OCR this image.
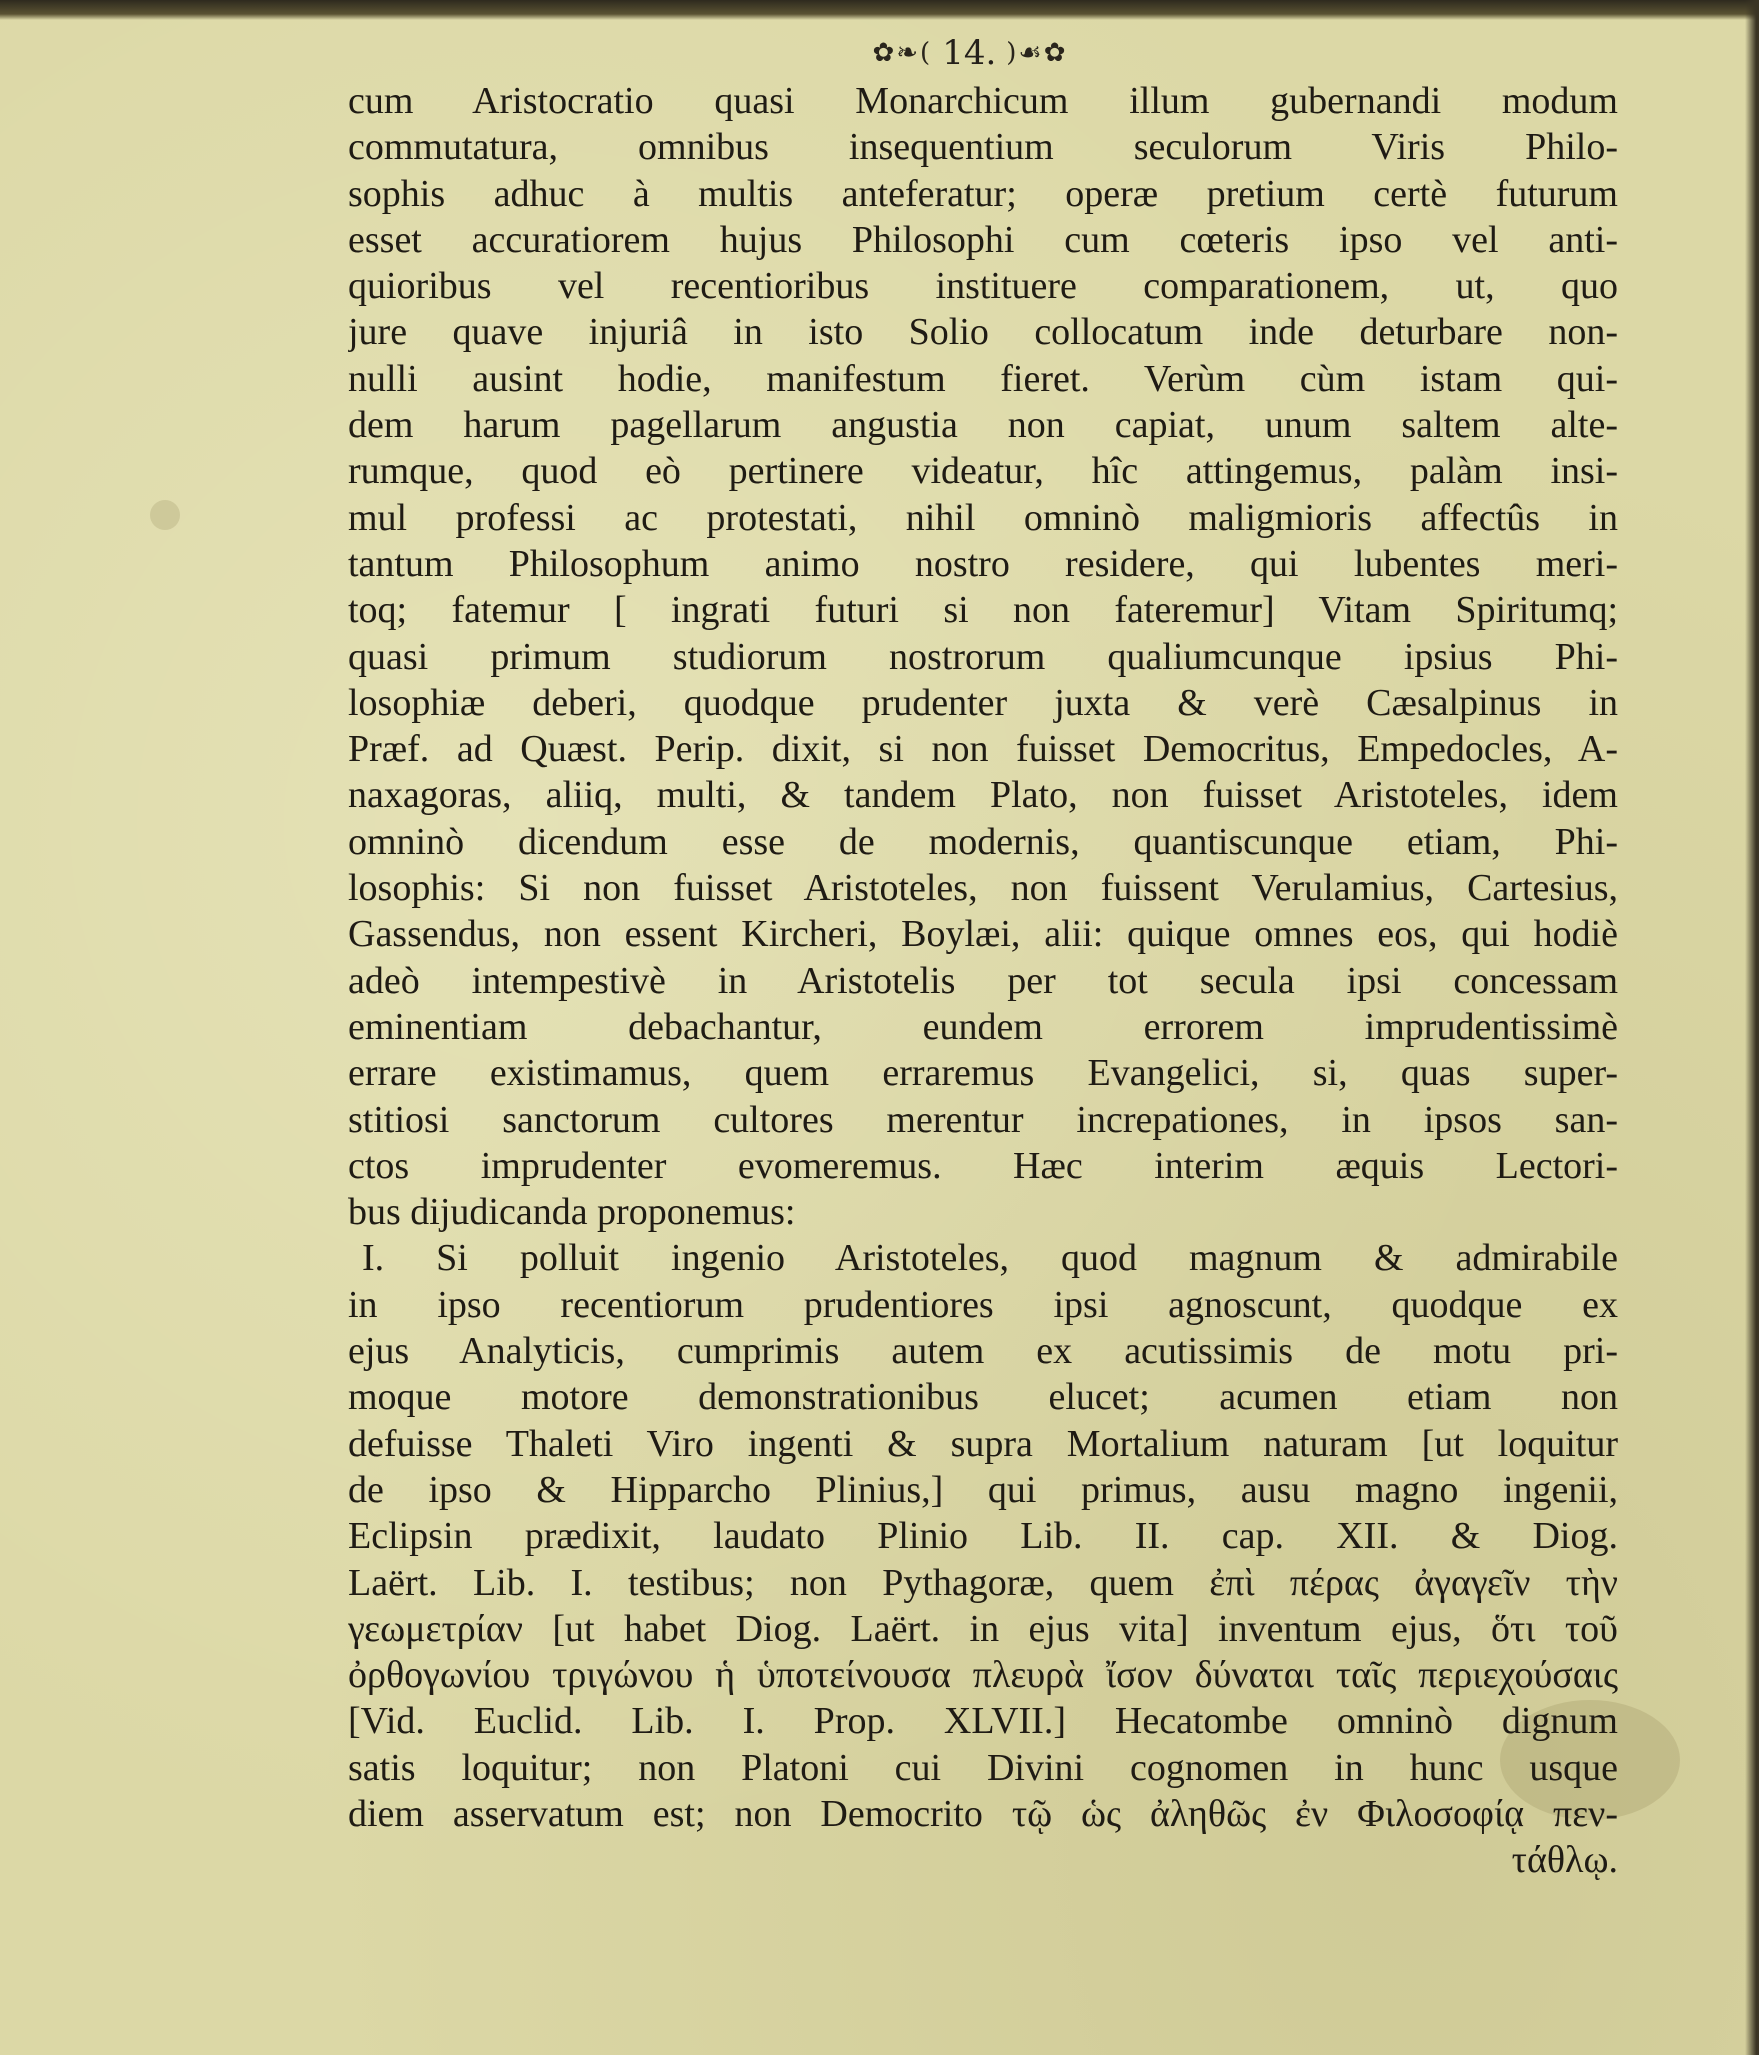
✿❧( 14. )☙✿
cum Aristocratio quasi Monarchicum illum gubernandi modum
commutatura, omnibus insequentium seculorum Viris Philo-
sophis adhuc à multis anteferatur; operæ pretium certè futurum
esset accuratiorem hujus Philosophi cum cœteris ipso vel anti-
quioribus vel recentioribus instituere comparationem, ut, quo
jure quave injuriâ in isto Solio collocatum inde deturbare non-
nulli ausint hodie, manifestum fieret. Verùm cùm istam qui-
dem harum pagellarum angustia non capiat, unum saltem alte-
rumque, quod eò pertinere videatur, hîc attingemus, palàm insi-
mul professi ac protestati, nihil omninò maligmioris affectûs in
tantum Philosophum animo nostro residere, qui lubentes meri-
toq; fatemur [ ingrati futuri si non fateremur] Vitam Spiritumq;
quasi primum studiorum nostrorum qualiumcunque ipsius Phi-
losophiæ deberi, quodque prudenter juxta & verè Cæsalpinus in
Præf. ad Quæst. Perip. dixit, si non fuisset Democritus, Empedocles, A-
naxagoras, aliiq, multi, & tandem Plato, non fuisset Aristoteles, idem
omninò dicendum esse de modernis, quantiscunque etiam, Phi-
losophis: Si non fuisset Aristoteles, non fuissent Verulamius, Cartesius,
Gassendus, non essent Kircheri, Boylæi, alii: quique omnes eos, qui hodiè
adeò intempestivè in Aristotelis per tot secula ipsi concessam
eminentiam debachantur, eundem errorem imprudentissimè
errare existimamus, quem erraremus Evangelici, si, quas super-
stitiosi sanctorum cultores merentur increpationes, in ipsos san-
ctos imprudenter evomeremus. Hæc interim æquis Lectori-
bus dijudicanda proponemus:
I. Si polluit ingenio Aristoteles, quod magnum & admirabile
in ipso recentiorum prudentiores ipsi agnoscunt, quodque ex
ejus Analyticis, cumprimis autem ex acutissimis de motu pri-
moque motore demonstrationibus elucet; acumen etiam non
defuisse Thaleti Viro ingenti & supra Mortalium naturam [ut loquitur
de ipso & Hipparcho Plinius,] qui primus, ausu magno ingenii,
Eclipsin prædixit, laudato Plinio Lib. II. cap. XII. & Diog.
Laërt. Lib. I. testibus; non Pythagoræ, quem ἐπὶ πέρας ἀγαγεῖν τὴν
γεωμετρίαν [ut habet Diog. Laërt. in ejus vita] inventum ejus, ὅτι τοῦ
ὀρθογωνίου τριγώνου ἡ ὑποτείνουσα πλευρὰ ἴσον δύναται ταῖς περιεχούσαις
[Vid. Euclid. Lib. I. Prop. XLVII.] Hecatombe omninò dignum
satis loquitur; non Platoni cui Divini cognomen in hunc usque
diem asservatum est; non Democrito τῷ ὡς ἀληθῶς ἐν Φιλοσοφίᾳ πεν-
τάθλῳ.
